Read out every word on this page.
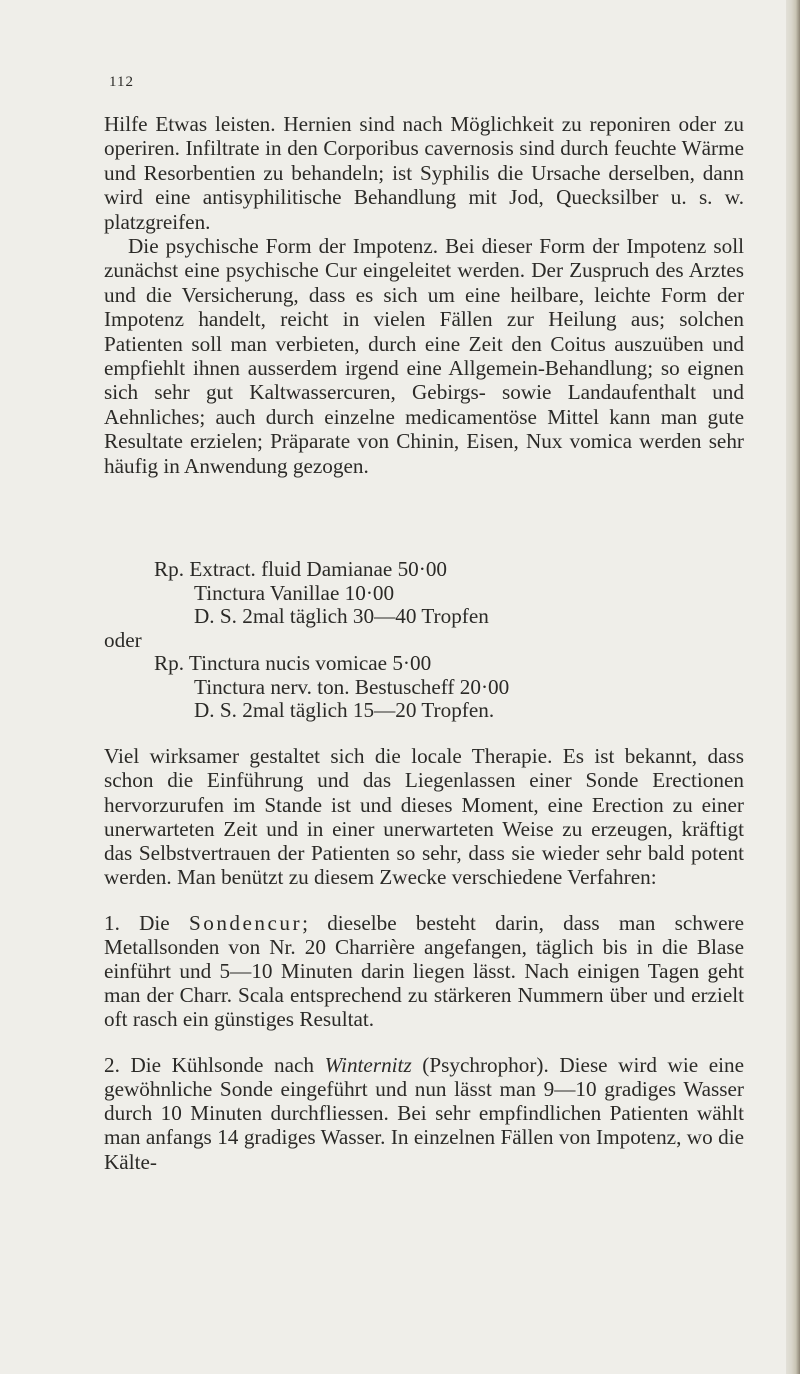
112

Hilfe Etwas leisten. Hernien sind nach Möglichkeit zu reponiren oder zu operiren. Infiltrate in den Corporibus cavernosis sind durch feuchte Wärme und Resorbentien zu behandeln; ist Syphilis die Ursache derselben, dann wird eine antisyphilitische Behandlung mit Jod, Quecksilber u. s. w. platzgreifen.

Die psychische Form der Impotenz. Bei dieser Form der Impotenz soll zunächst eine psychische Cur eingeleitet werden. Der Zuspruch des Arztes und die Versicherung, dass es sich um eine heilbare, leichte Form der Impotenz handelt, reicht in vielen Fällen zur Heilung aus; solchen Patienten soll man verbieten, durch eine Zeit den Coitus auszuüben und empfiehlt ihnen ausserdem irgend eine Allgemein-Behandlung; so eignen sich sehr gut Kaltwassercuren, Gebirgs- sowie Landaufenthalt und Aehnliches; auch durch einzelne medicamentöse Mittel kann man gute Resultate erzielen; Präparate von Chinin, Eisen, Nux vomica werden sehr häufig in Anwendung gezogen.

Rp. Extract. fluid Damianae 50·00
Tinctura Vanillae 10·00
D. S. 2mal täglich 30—40 Tropfen
oder
Rp. Tinctura nucis vomicae 5·00
Tinctura nerv. ton. Bestuscheff 20·00
D. S. 2mal täglich 15—20 Tropfen.

Viel wirksamer gestaltet sich die locale Therapie. Es ist bekannt, dass schon die Einführung und das Liegenlassen einer Sonde Erectionen hervorzurufen im Stande ist und dieses Moment, eine Erection zu einer unerwarteten Zeit und in einer unerwarteten Weise zu erzeugen, kräftigt das Selbstvertrauen der Patienten so sehr, dass sie wieder sehr bald potent werden. Man benützt zu diesem Zwecke verschiedene Verfahren:

1. Die Sondencur; dieselbe besteht darin, dass man schwere Metallsonden von Nr. 20 Charrière angefangen, täglich bis in die Blase einführt und 5—10 Minuten darin liegen lässt. Nach einigen Tagen geht man der Charr. Scala entsprechend zu stärkeren Nummern über und erzielt oft rasch ein günstiges Resultat.

2. Die Kühlsonde nach Winternitz (Psychrophor). Diese wird wie eine gewöhnliche Sonde eingeführt und nun lässt man 9—10 gradiges Wasser durch 10 Minuten durchfliessen. Bei sehr empfindlichen Patienten wählt man anfangs 14 gradiges Wasser. In einzelnen Fällen von Impotenz, wo die Kälte-
